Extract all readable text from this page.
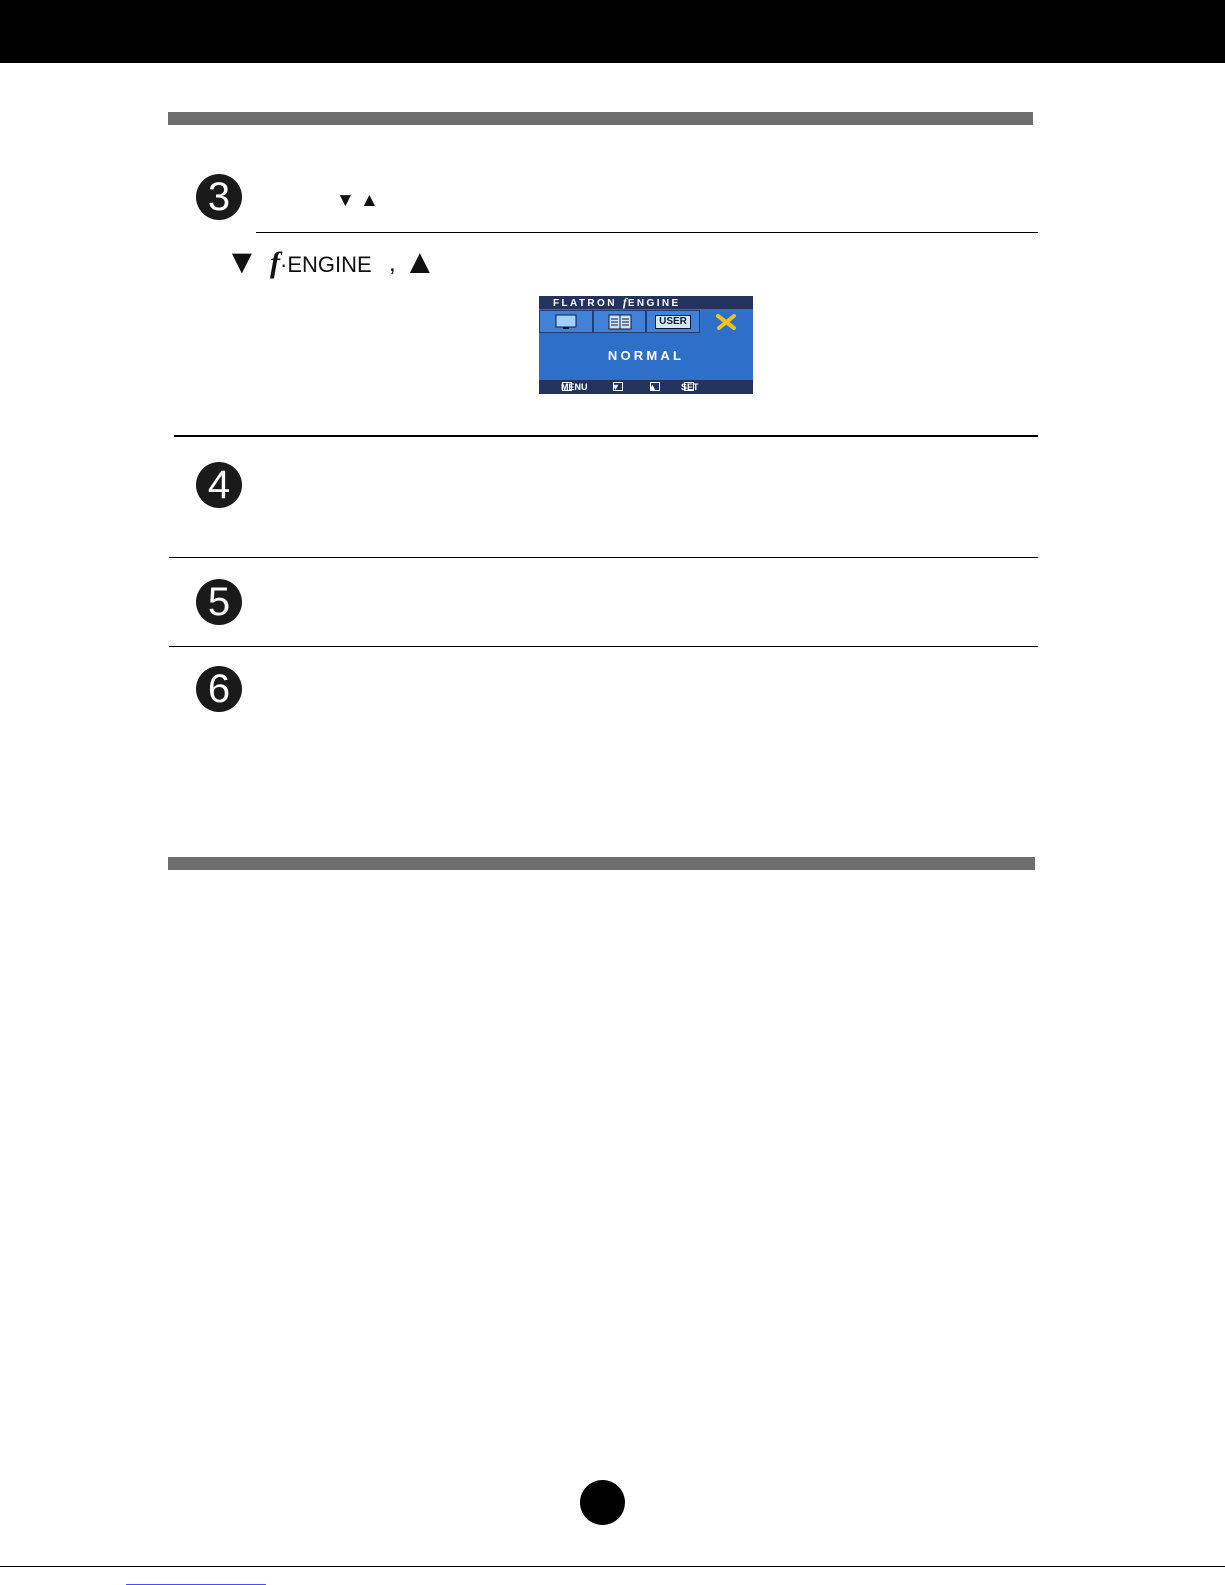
3	▼ ▲
▼ f·ENGINE , ▲
FLATRON fENGINE
USER
NORMAL
MENU	▼	▲	SET
4
5
6
